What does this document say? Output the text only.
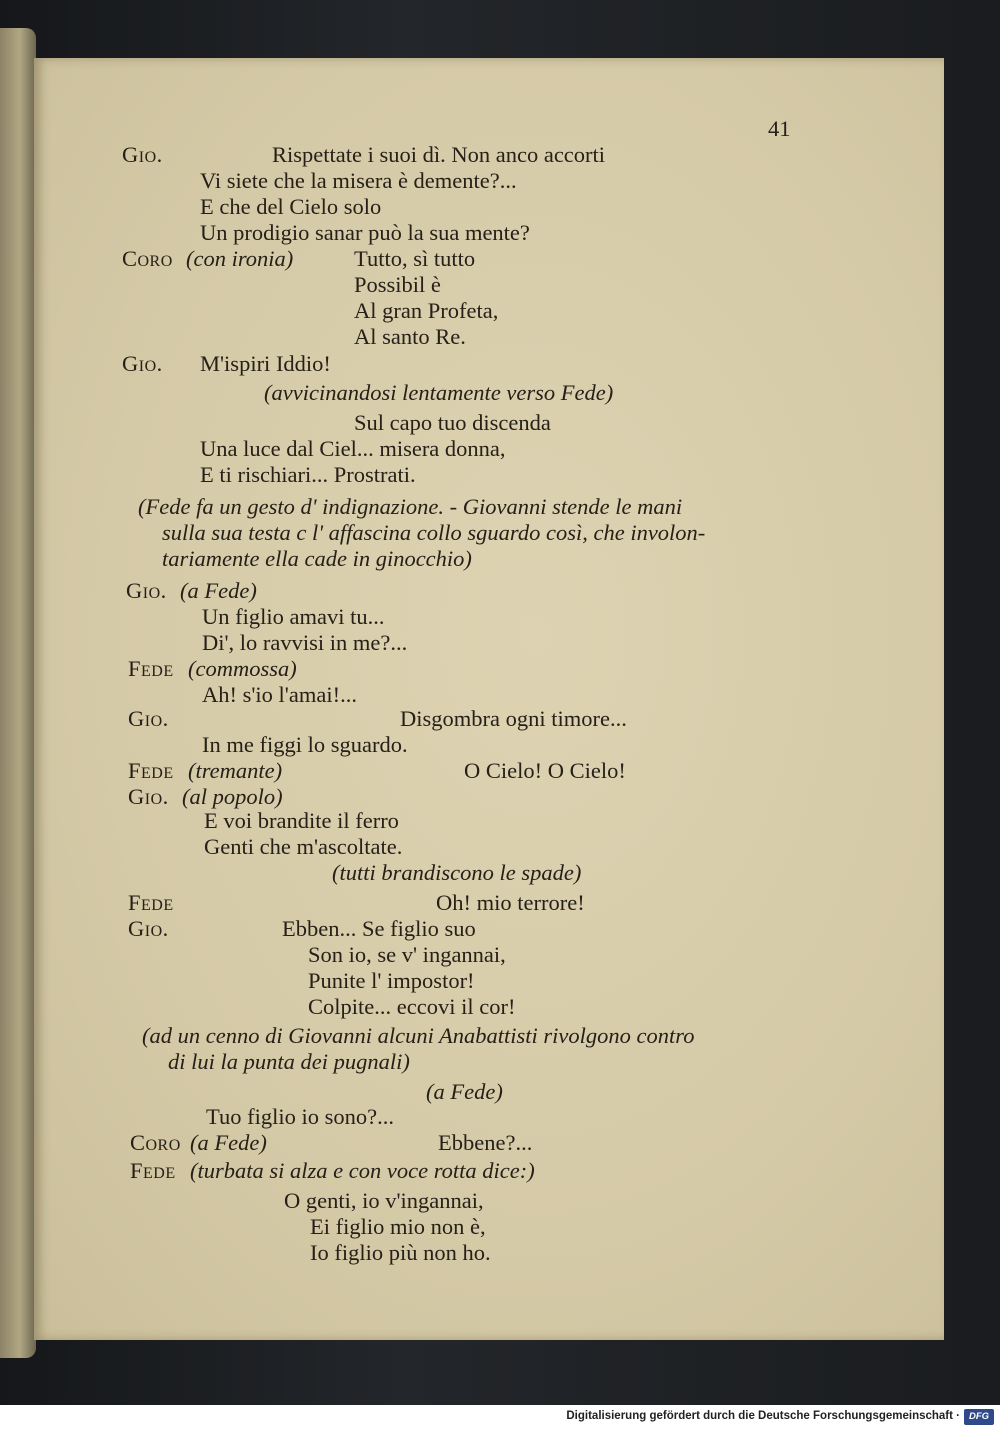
41
Gio.	Rispettate i suoi dì. Non anco accorti
Vi siete che la misera è demente?...
E che del Cielo solo
Un prodigio sanar può la sua mente?
Coro (con ironia)	Tutto, sì tutto
Possibil è
Al gran Profeta,
Al santo Re.
Gio. M'ispiri Iddio!
(avvicinandosi lentamente verso Fede)
Sul capo tuo discenda
Una luce dal Ciel... misera donna,
E ti rischiari... Prostrati.
(Fede fa un gesto d' indignazione. - Giovanni stende le mani
sulla sua testa c l' affascina collo sguardo così, che involon-
tariamente ella cade in ginocchio)
Gio. (a Fede)
Un figlio amavi tu...
Di', lo ravvisi in me?...
Fede (commossa)
Ah! s'io l'amai!...
Gio.	Disgombra ogni timore...
In me figgi lo sguardo.
Fede (tremante)	O Cielo! O Cielo!
Gio. (al popolo)
E voi brandite il ferro
Genti che m'ascoltate.
(tutti brandiscono le spade)
Fede	Oh! mio terrore!
Gio.	Ebben... Se figlio suo
Son io, se v' ingannai,
Punite l' impostor!
Colpite... eccovi il cor!
(ad un cenno di Giovanni alcuni Anabattisti rivolgono contro
di lui la punta dei pugnali)
(a Fede)
Tuo figlio io sono?...
Coro (a Fede)	Ebbene?...
Fede (turbata si alza e con voce rotta dice:)
O genti, io v'ingannai,
Ei figlio mio non è,
Io figlio più non ho.
Digitalisierung gefördert durch die Deutsche Forschungsgemeinschaft · DFG
